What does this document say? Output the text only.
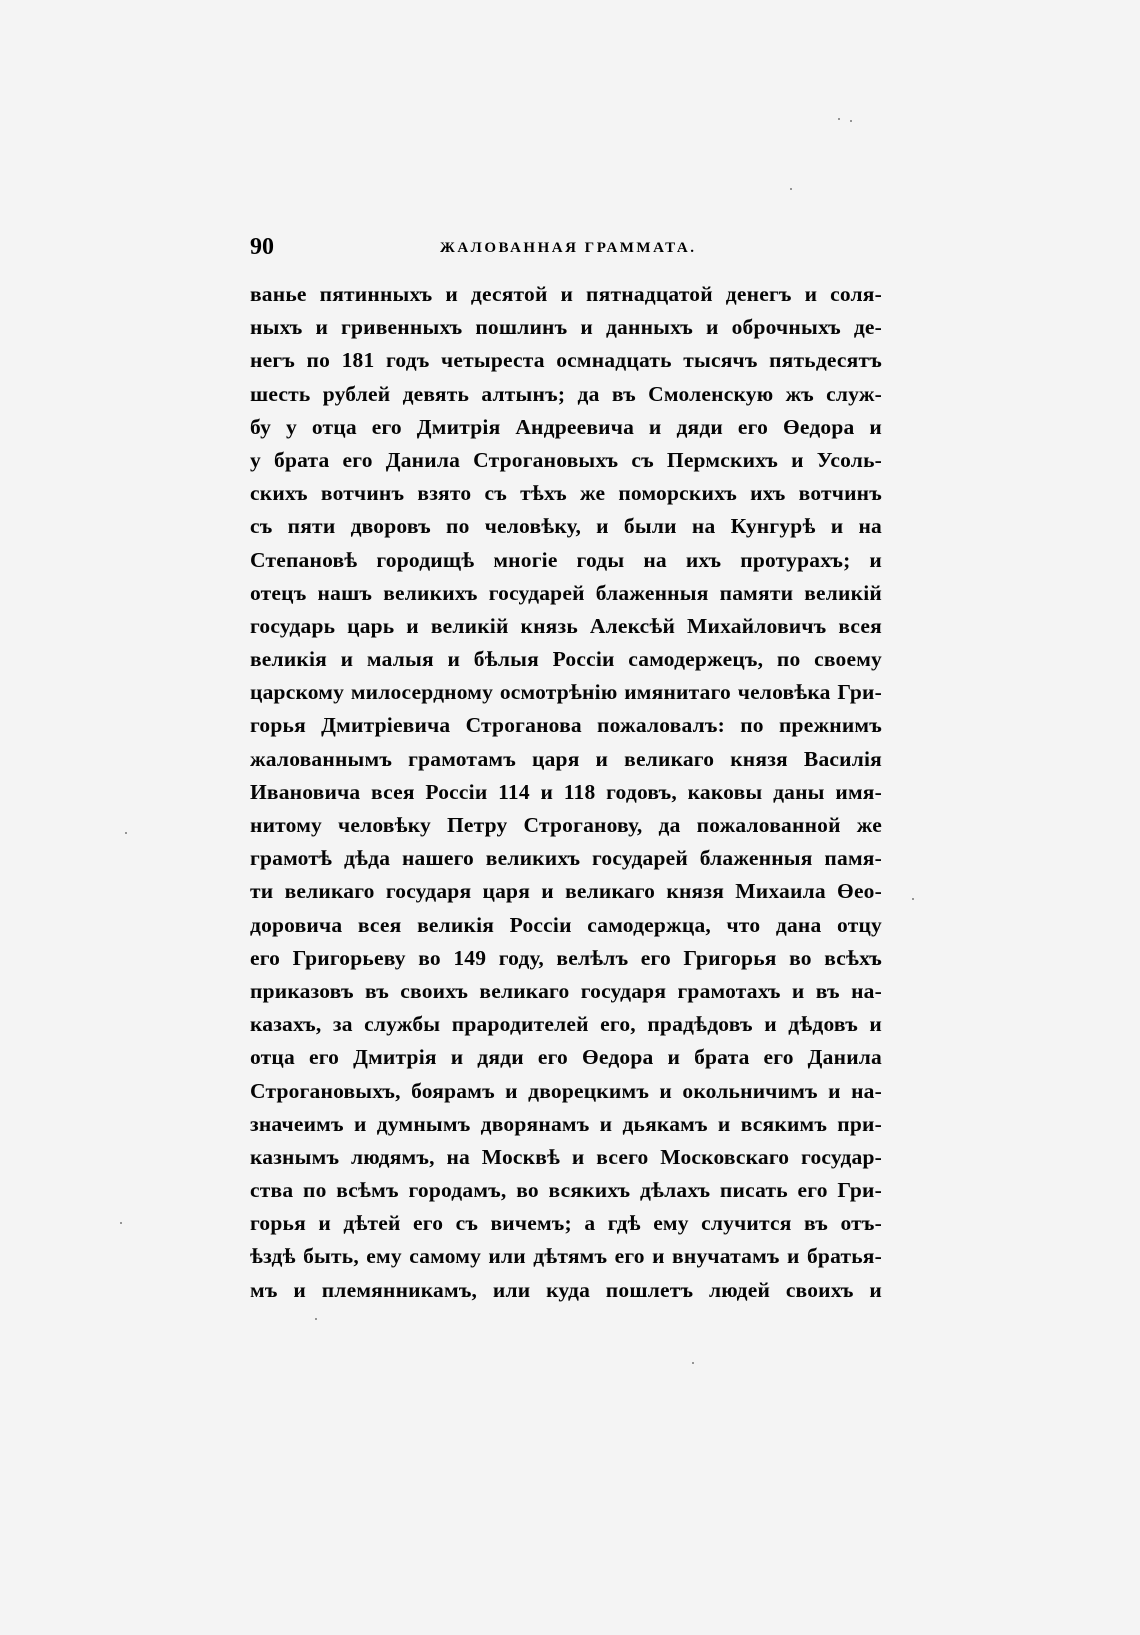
90	ЖАЛОВАННАЯ ГРАММАТА.
ванье пятинныхъ и десятой и пятнадцатой денегъ и соля-
ныхъ и гривенныхъ пошлинъ и данныхъ и оброчныхъ де-
негъ по 181 годъ четыреста осмнадцать тысячъ пятьдесятъ
шесть рублей девять алтынъ; да въ Смоленскую жъ служ-
бу у отца его Дмитрія Андреевича и дяди его Өедора и
у брата его Данила Строгановыхъ съ Пермскихъ и Усоль-
скихъ вотчинъ взято съ тѣхъ же поморскихъ ихъ вотчинъ
съ пяти дворовъ по человѣку, и были на Кунгурѣ и на
Степановѣ городищѣ многіе годы на ихъ протурахъ; и
отецъ нашъ великихъ государей блаженныя памяти великій
государь царь и великій князь Алексѣй Михайловичъ всея
великія и малыя и бѣлыя Россіи самодержецъ, по своему
царскому милосердному осмотрѣнію имянитаго человѣка Гри-
горья Дмитріевича Строганова пожаловалъ: по прежнимъ
жалованнымъ грамотамъ царя и великаго князя Василія
Ивановича всея Россіи 114 и 118 годовъ, каковы даны имя-
нитому человѣку Петру Строганову, да пожалованной же
грамотѣ дѣда нашего великихъ государей блаженныя памя-
ти великаго государя царя и великаго князя Михаила Өео-
доровича всея великія Россіи самодержца, что дана отцу
его Григорьеву во 149 году, велѣлъ его Григорья во всѣхъ
приказовъ въ своихъ великаго государя грамотахъ и въ на-
казахъ, за службы прародителей его, прадѣдовъ и дѣдовъ и
отца его Дмитрія и дяди его Өедора и брата его Данила
Строгановыхъ, боярамъ и дворецкимъ и окольничимъ и на-
значеимъ и думнымъ дворянамъ и дьякамъ и всякимъ при-
казнымъ людямъ, на Москвѣ и всего Московскаго государ-
ства по всѣмъ городамъ, во всякихъ дѣлахъ писать его Гри-
горья и дѣтей его съ вичемъ; а гдѣ ему случится въ отъ-
ѣздѣ быть, ему самому или дѣтямъ его и внучатамъ и братья-
мъ и племянникамъ, или куда пошлетъ людей своихъ и
